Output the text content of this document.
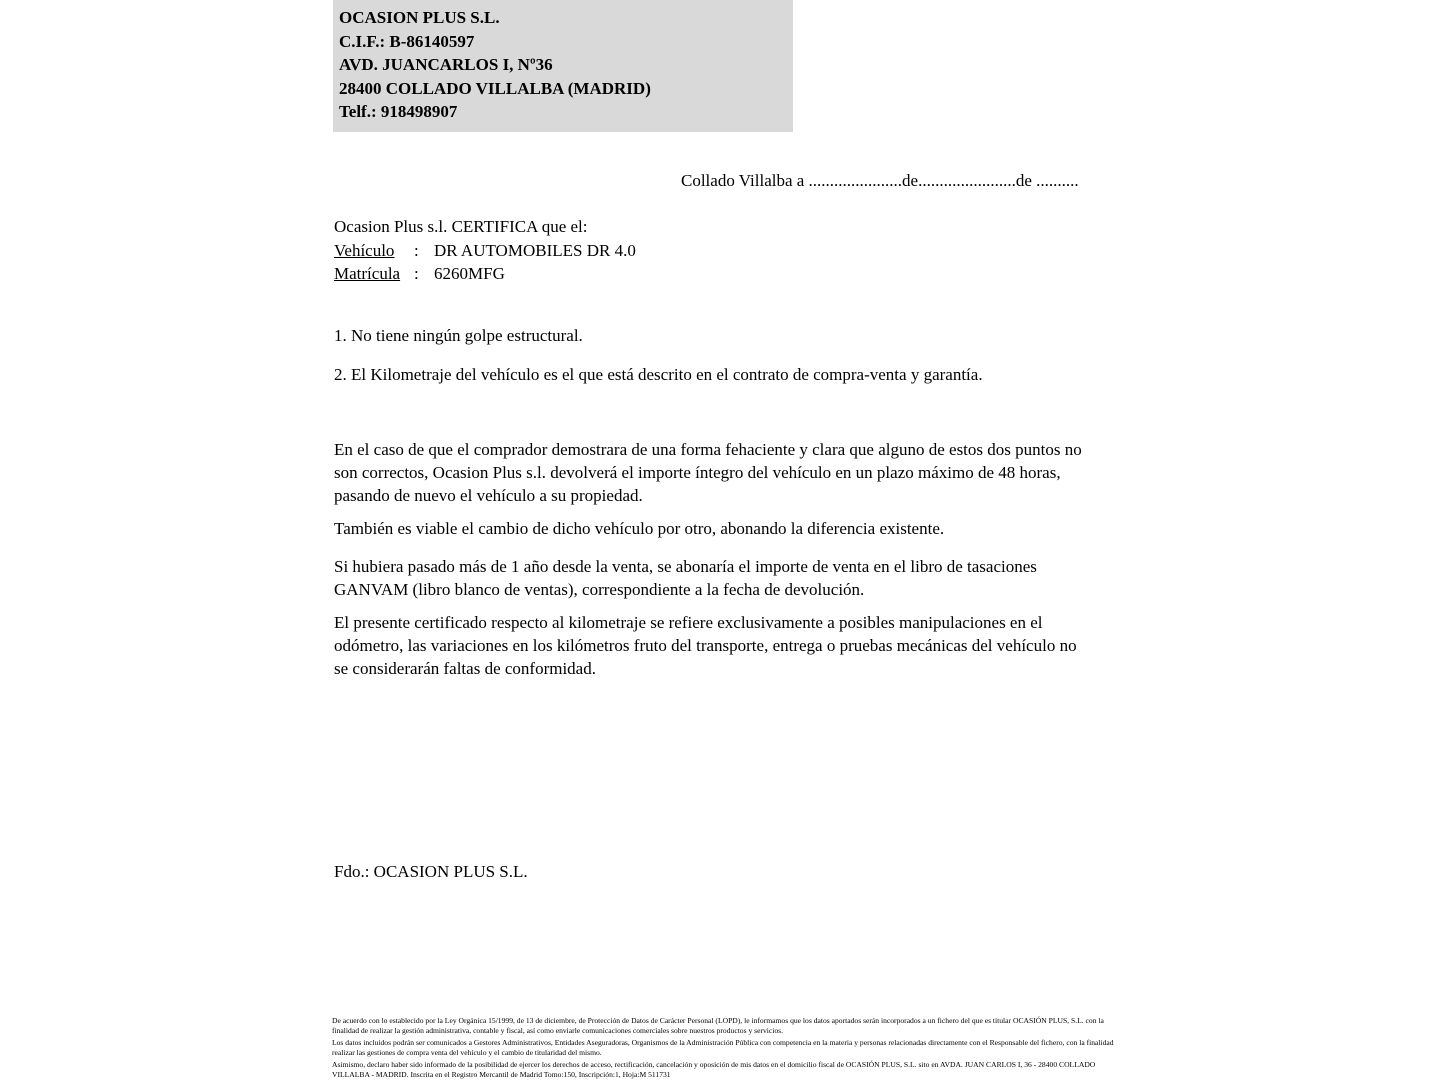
OCASION PLUS S.L.
C.I.F.: B-86140597
AVD. JUANCARLOS I, Nº36
28400 COLLADO VILLALBA (MADRID)
Telf.: 918498907
Collado Villalba a ......................de.......................de ..........
Ocasion Plus s.l. CERTIFICA que el:
Vehículo	: DR AUTOMOBILES DR 4.0
Matrícula : 6260MFG
1. No tiene ningún golpe estructural.
2. El Kilometraje del vehículo es el que está descrito en el contrato de compra-venta y garantía.
En el caso de que el comprador demostrara de una forma fehaciente y clara que alguno de estos dos puntos no son correctos, Ocasion Plus s.l. devolverá el importe íntegro del vehículo en un plazo máximo de 48 horas, pasando de nuevo el vehículo a su propiedad.
También es viable el cambio de dicho vehículo por otro, abonando la diferencia existente.
Si hubiera pasado más de 1 año desde la venta, se abonaría el importe de venta en el libro de tasaciones GANVAM (libro blanco de ventas), correspondiente a la fecha de devolución.
El presente certificado respecto al kilometraje se refiere exclusivamente a posibles manipulaciones en el odómetro, las variaciones en los kilómetros fruto del transporte, entrega o pruebas mecánicas del vehículo no se considerarán faltas de conformidad.
Fdo.: OCASION PLUS S.L.

De acuerdo con lo establecido por la Ley Orgánica 15/1999, de 13 de diciembre, de Protección de Datos de Carácter Personal (LOPD), le informamos que los datos aportados serán incorporados a un fichero del que es titular OCASIÓN PLUS, S.L. con la finalidad de realizar la gestión administrativa, contable y fiscal, así como enviarle comunicaciones comerciales sobre nuestros productos y servicios.

Los datos incluidos podrán ser comunicados a Gestores Administrativos, Entidades Aseguradoras, Organismos de la Administración Pública con competencia en la materia y personas relacionadas directamente con el Responsable del fichero, con la finalidad realizar las gestiones de compra venta del vehículo y el cambio de titularidad del mismo.

Asimismo, declaro haber sido informado de la posibilidad de ejercer los derechos de acceso, rectificación, cancelación y oposición de mis datos en el domicilio fiscal de OCASIÓN PLUS, S.L. sito en AVDA. JUAN CARLOS I, 36 - 28400 COLLADO VILLALBA - MADRID. Inscrita en el Registro Mercantil de Madrid Tomo:150, Inscripción:1, Hoja:M 511731
